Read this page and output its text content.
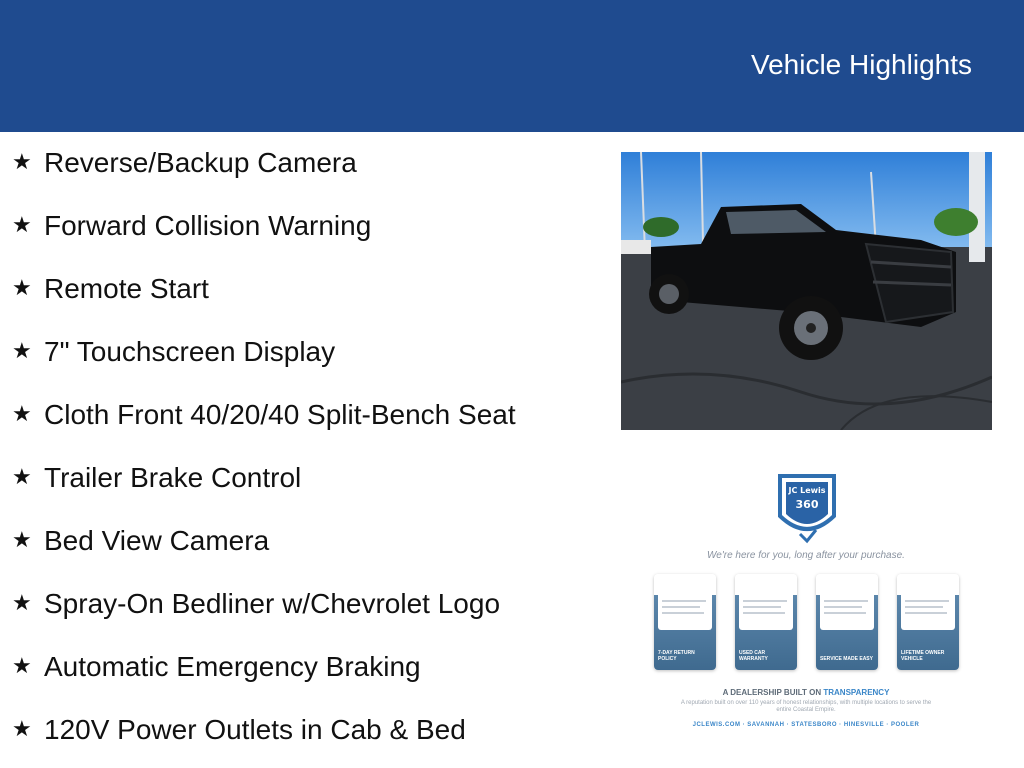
Vehicle Highlights
★ Reverse/Backup Camera
★ Forward Collision Warning
★ Remote Start
★ 7" Touchscreen Display
★ Cloth Front 40/20/40 Split-Bench Seat
★ Trailer Brake Control
★ Bed View Camera
★ Spray-On Bedliner w/Chevrolet Logo
★ Automatic Emergency Braking
★ 120V Power Outlets in Cab & Bed
JC Lewis
360
We're here for you, long after your purchase.
7-DAY RETURN POLICY
USED CAR WARRANTY	SERVICE MADE EASY
LIFETIME OWNER VEHICLE
A DEALERSHIP BUILT ON TRANSPARENCY
A reputation built on over 110 years of honest relationships, with multiple locations to serve the entire Coastal Empire.
JCLEWIS.COM · SAVANNAH · STATESBORO · HINESVILLE · POOLER
